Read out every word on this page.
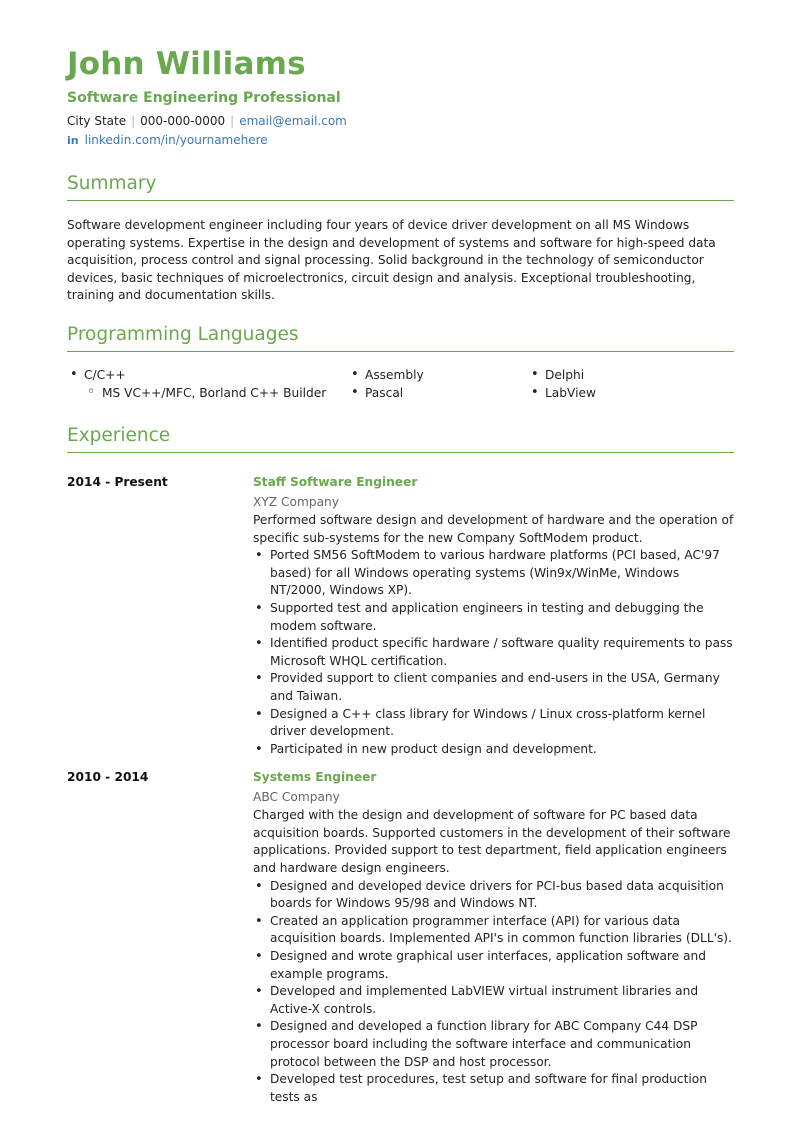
John Williams
Software Engineering Professional
City State | 000-000-0000 | email@email.com
in linkedin.com/in/yournamehere
Summary

Software development engineer including four years of device driver development on all MS Windows operating systems. Expertise in the design and development of systems and software for high-speed data acquisition, process control and signal processing. Solid background in the technology of semiconductor devices, basic techniques of microelectronics, circuit design and analysis. Exceptional troubleshooting, training and documentation skills.

Programming Languages
• C/C++
◦ MS VC++/MFC, Borland C++ Builder
• Assembly
• Pascal
• Delphi
• LabView
Experience
2014 - Present	Staff Software Engineer
XYZ Company

Performed software design and development of hardware and the operation of specific sub-systems for the new Company SoftModem product.

• Ported SM56 SoftModem to various hardware platforms (PCI based, AC'97 based) for all Windows operating systems (Win9x/WinMe, Windows NT/2000, Windows XP).
• Supported test and application engineers in testing and debugging the modem software.
• Identified product specific hardware / software quality requirements to pass Microsoft WHQL certification.
• Provided support to client companies and end-users in the USA, Germany and Taiwan.
• Designed a C++ class library for Windows / Linux cross-platform kernel driver development.
• Participated in new product design and development.
2010 - 2014	Systems Engineer
ABC Company

Charged with the design and development of software for PC based data acquisition boards. Supported customers in the development of their software applications. Provided support to test department, field application engineers and hardware design engineers.

• Designed and developed device drivers for PCI-bus based data acquisition boards for Windows 95/98 and Windows NT.
• Created an application programmer interface (API) for various data acquisition boards. Implemented API's in common function libraries (DLL's).
• Designed and wrote graphical user interfaces, application software and example programs.
• Developed and implemented LabVIEW virtual instrument libraries and Active-X controls.
• Designed and developed a function library for ABC Company C44 DSP processor board including the software interface and communication protocol between the DSP and host processor.
• Developed test procedures, test setup and software for final production tests as
